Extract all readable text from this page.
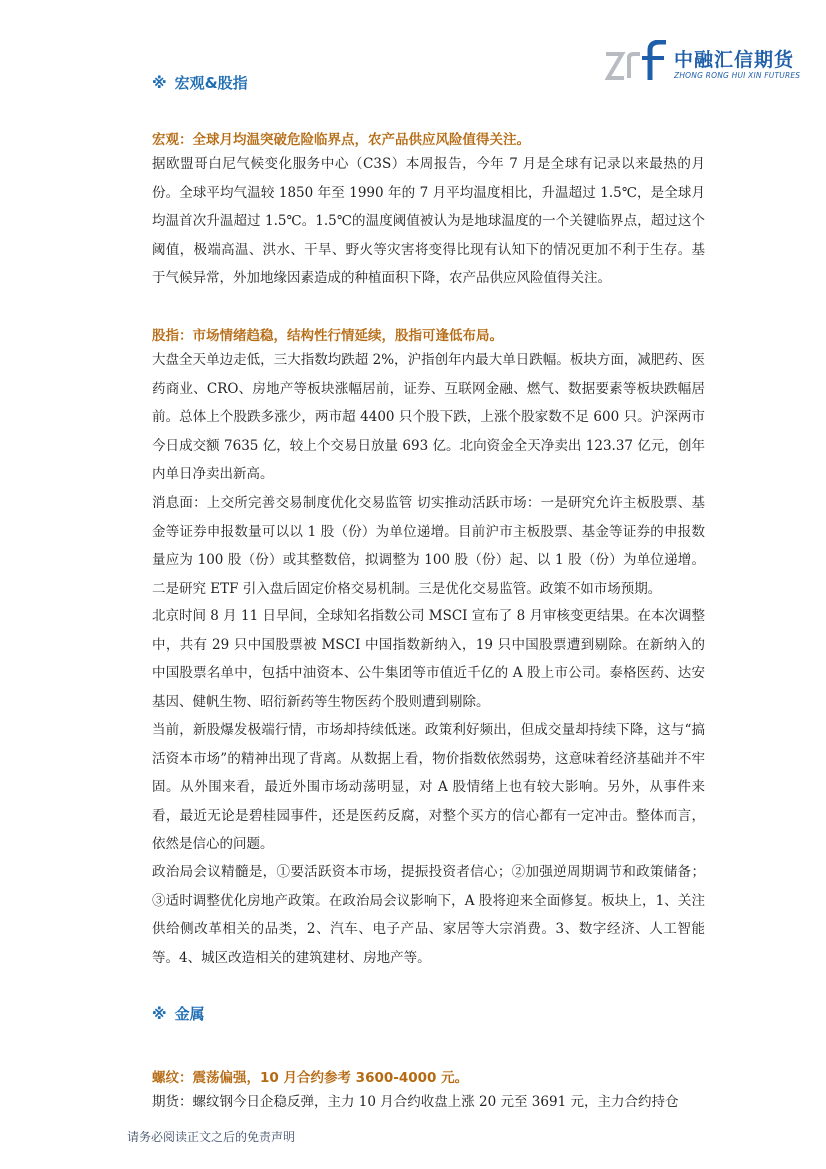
中融汇信期货
ZHONG RONG HUI XIN FUTURES
※ 宏观&股指
宏观：全球月均温突破危险临界点，农产品供应风险值得关注。

据欧盟哥白尼气候变化服务中心（C3S）本周报告，今年 7 月是全球有记录以来最热的月份。全球平均气温较 1850 年至 1990 年的 7 月平均温度相比，升温超过 1.5℃，是全球月均温首次升温超过 1.5℃。1.5℃的温度阈值被认为是地球温度的一个关键临界点，超过这个阈值，极端高温、洪水、干旱、野火等灾害将变得比现有认知下的情况更加不利于生存。基于气候异常，外加地缘因素造成的种植面积下降，农产品供应风险值得关注。

股指：市场情绪趋稳，结构性行情延续，股指可逢低布局。

大盘全天单边走低，三大指数均跌超 2%，沪指创年内最大单日跌幅。板块方面，减肥药、医药商业、CRO、房地产等板块涨幅居前，证券、互联网金融、燃气、数据要素等板块跌幅居前。总体上个股跌多涨少，两市超 4400 只个股下跌，上涨个股家数不足 600 只。沪深两市今日成交额 7635 亿，较上个交易日放量 693 亿。北向资金全天净卖出 123.37 亿元，创年内单日净卖出新高。

消息面：上交所完善交易制度优化交易监管 切实推动活跃市场：一是研究允许主板股票、基金等证券申报数量可以以 1 股（份）为单位递增。目前沪市主板股票、基金等证券的申报数量应为 100 股（份）或其整数倍，拟调整为 100 股（份）起、以 1 股（份）为单位递增。二是研究 ETF 引入盘后固定价格交易机制。三是优化交易监管。政策不如市场预期。

北京时间 8 月 11 日早间，全球知名指数公司 MSCI 宣布了 8 月审核变更结果。在本次调整中，共有 29 只中国股票被 MSCI 中国指数新纳入，19 只中国股票遭到剔除。在新纳入的中国股票名单中，包括中油资本、公牛集团等市值近千亿的 A 股上市公司。泰格医药、达安基因、健帆生物、昭衍新药等生物医药个股则遭到剔除。

当前，新股爆发极端行情，市场却持续低迷。政策利好频出，但成交量却持续下降，这与“搞活资本市场”的精神出现了背离。从数据上看，物价指数依然弱势，这意味着经济基础并不牢固。从外围来看，最近外围市场动荡明显，对 A 股情绪上也有较大影响。另外，从事件来看，最近无论是碧桂园事件，还是医药反腐，对整个买方的信心都有一定冲击。整体而言，依然是信心的问题。

政治局会议精髓是，①要活跃资本市场，提振投资者信心；②加强逆周期调节和政策储备；③适时调整优化房地产政策。在政治局会议影响下，A 股将迎来全面修复。板块上，1、关注供给侧改革相关的品类，2、汽车、电子产品、家居等大宗消费。3、数字经济、人工智能等。4、城区改造相关的建筑建材、房地产等。

※ 金属
螺纹：震荡偏强，10 月合约参考 3600-4000 元。

期货：螺纹钢今日企稳反弹，主力 10 月合约收盘上涨 20 元至 3691 元，主力合约持仓

请务必阅读正文之后的免责声明
